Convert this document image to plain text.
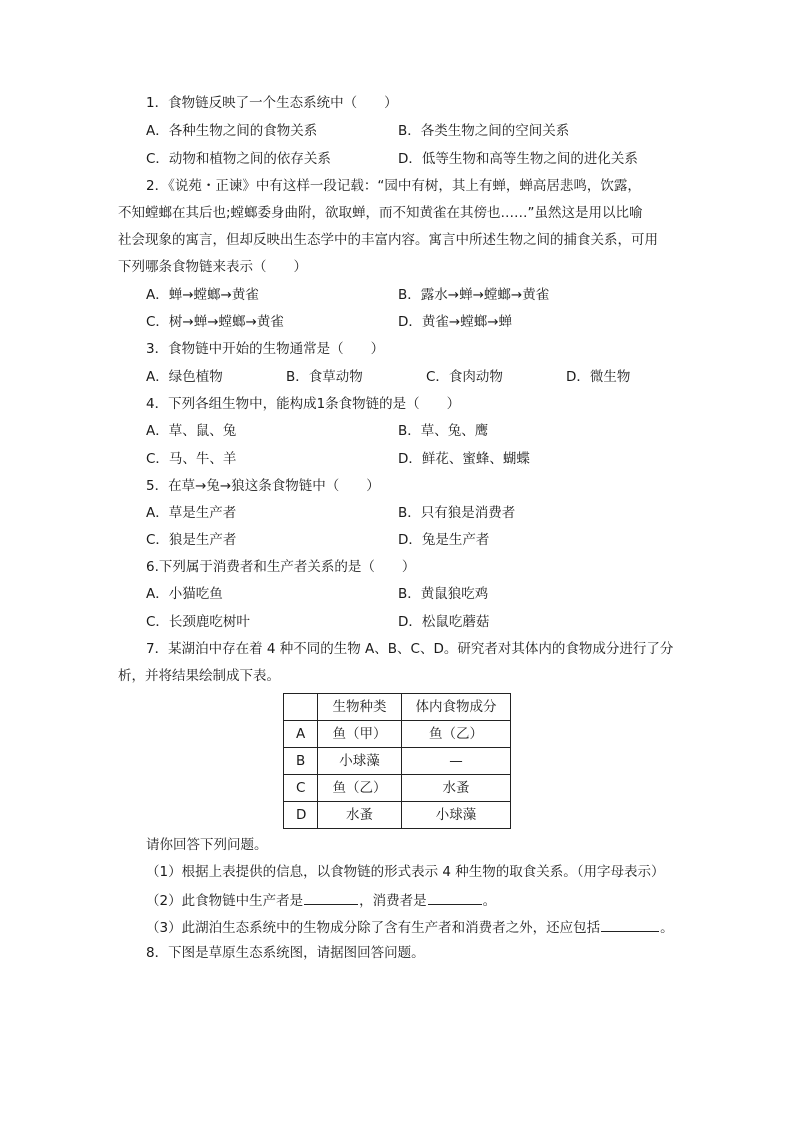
1．食物链反映了一个生态系统中（　　）
A．各种生物之间的食物关系	B．各类生物之间的空间关系
C．动物和植物之间的依存关系	D．低等生物和高等生物之间的进化关系
2．《说苑・正谏》中有这样一段记载：“园中有树，其上有蝉，蝉高居悲鸣，饮露，
不知螳螂在其后也;螳螂委身曲附，欲取蝉，而不知黄雀在其傍也……”虽然这是用以比喻
社会现象的寓言，但却反映出生态学中的丰富内容。寓言中所述生物之间的捕食关系，可用
下列哪条食物链来表示（　　）
A．蝉→螳螂→黄雀	B．露水→蝉→螳螂→黄雀
C．树→蝉→螳螂→黄雀	D．黄雀→螳螂→蝉
3．食物链中开始的生物通常是（　　）
A．绿色植物	B．食草动物	C．食肉动物	D．微生物
4．下列各组生物中，能构成1条食物链的是（　　）
A．草、鼠、兔	B．草、兔、鹰
C．马、牛、羊	D．鲜花、蜜蜂、蝴蝶
5．在草→兔→狼这条食物链中（　　）
A．草是生产者	B．只有狼是消费者
C．狼是生产者	D．兔是生产者
6.下列属于消费者和生产者关系的是（　　）
A．小猫吃鱼	B．黄鼠狼吃鸡
C．长颈鹿吃树叶	D．松鼠吃蘑菇
7．某湖泊中存在着 4 种不同的生物 A、B、C、D。研究者对其体内的食物成分进行了分
析，并将结果绘制成下表。
	生物种类	体内食物成分
A	鱼（甲）	鱼（乙）
B	小球藻	—
C	鱼（乙）	水蚤
D	水蚤	小球藻
请你回答下列问题。
（1）根据上表提供的信息，以食物链的形式表示 4 种生物的取食关系。（用字母表示）
（2）此食物链中生产者是	，消费者是	。
（3）此湖泊生态系统中的生物成分除了含有生产者和消费者之外，还应包括	。
8．下图是草原生态系统图，请据图回答问题。
